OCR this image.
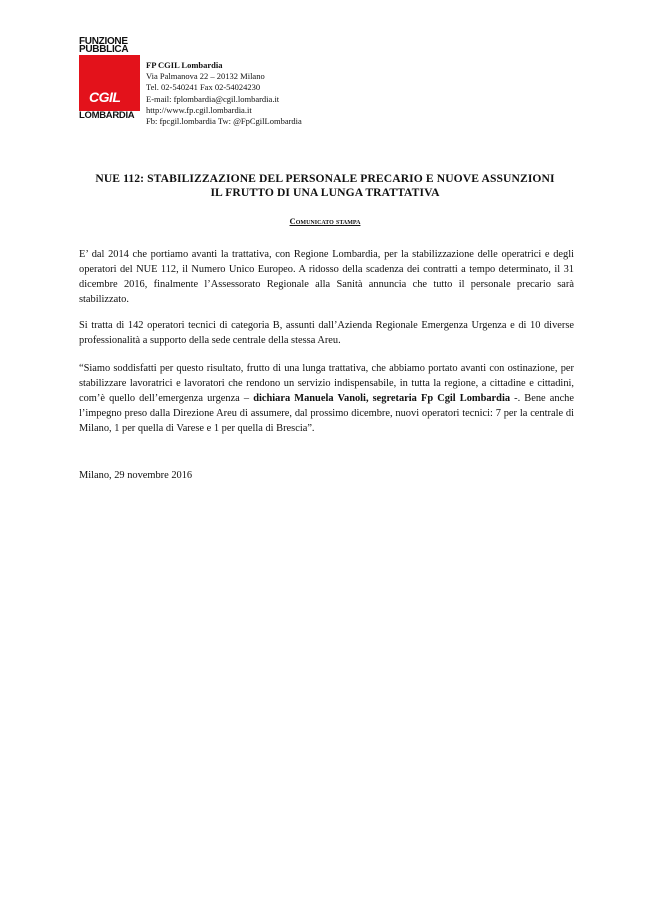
FUNZIONE
PUBBLICA
CGIL
LOMBARDIA
FP CGIL Lombardia
Via Palmanova 22 – 20132 Milano
Tel. 02-540241 Fax 02-54024230
E-mail: fplombardia@cgil.lombardia.it
http://www.fp.cgil.lombardia.it
Fb: fpcgil.lombardia Tw: @FpCgilLombardia
NUE 112: STABILIZZAZIONE DEL PERSONALE PRECARIO E NUOVE ASSUNZIONI
IL FRUTTO DI UNA LUNGA TRATTATIVA
Comunicato stampa

E’ dal 2014 che portiamo avanti la trattativa, con Regione Lombardia, per la stabilizzazione delle operatrici e degli operatori del NUE 112, il Numero Unico Europeo. A ridosso della scadenza dei contratti a tempo determinato, il 31 dicembre 2016, finalmente l’Assessorato Regionale alla Sanità annuncia che tutto il personale precario sarà stabilizzato.

Si tratta di 142 operatori tecnici di categoria B, assunti dall’Azienda Regionale Emergenza Urgenza e di 10 diverse professionalità a supporto della sede centrale della stessa Areu.

“Siamo soddisfatti per questo risultato, frutto di una lunga trattativa, che abbiamo portato avanti con ostinazione, per stabilizzare lavoratrici e lavoratori che rendono un servizio indispensabile, in tutta la regione, a cittadine e cittadini, com’è quello dell’emergenza urgenza – dichiara Manuela Vanoli, segretaria Fp Cgil Lombardia -. Bene anche l’impegno preso dalla Direzione Areu di assumere, dal prossimo dicembre, nuovi operatori tecnici: 7 per la centrale di Milano, 1 per quella di Varese e 1 per quella di Brescia”.

Milano, 29 novembre 2016
